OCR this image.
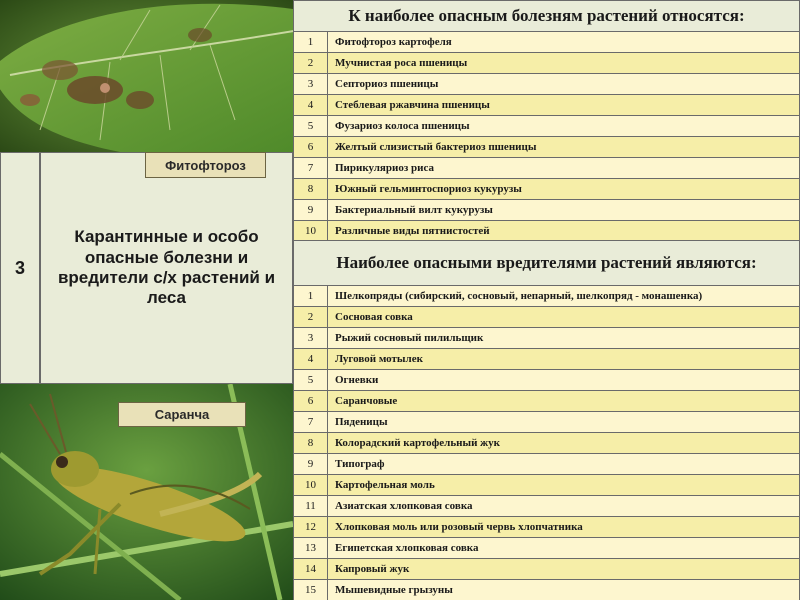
3
Карантинные и особо опасные болезни и вредители с/х растений и леса
Фитофтороз
Саранча
К наиболее опасным болезням растений относятся:
1	Фитофтороз картофеля
2	Мучнистая роса пшеницы
3	Септориоз пшеницы
4	Стеблевая ржавчина пшеницы
5	Фузариоз колоса пшеницы
6	Желтый слизистый бактериоз пшеницы
7	Пирикуляриоз риса
8	Южный гельминтоспориоз кукурузы
9	Бактериальный вилт кукурузы
10	Различные виды пятнистостей
Наиболее опасными вредителями растений являются:
1	Шелкопряды (сибирский, сосновый, непарный, шелкопряд - монашенка)
2	Сосновая совка
3	Рыжий сосновый пилильщик
4	Луговой мотылек
5	Огневки
6	Саранчовые
7	Пяденицы
8	Колорадский картофельный жук
9	Типограф
10	Картофельная моль
11	Азиатская хлопковая совка
12	Хлопковая моль или розовый червь хлопчатника
13	Египетская хлопковая совка
14	Капровый жук
15	Мышевидные грызуны
